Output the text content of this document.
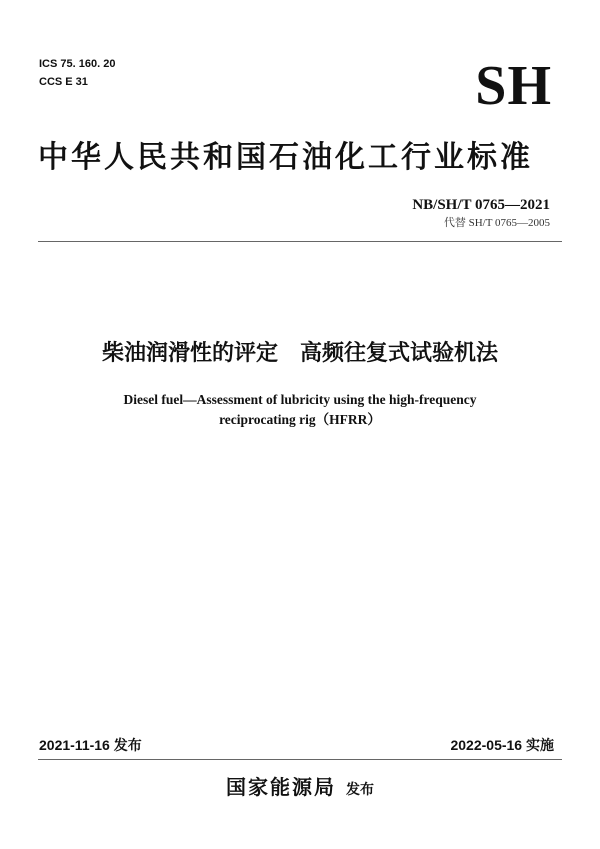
ICS 75. 160. 20
CCS E 31	SH
中华人民共和国石油化工行业标准
NB/SH/T 0765—2021
代替 SH/T 0765—2005
柴油润滑性的评定 高频往复式试验机法
Diesel fuel—Assessment of lubricity using the high-frequency
reciprocating rig（HFRR）
2021-11-16 发布	2022-05-16 实施
国家能源局 发布
